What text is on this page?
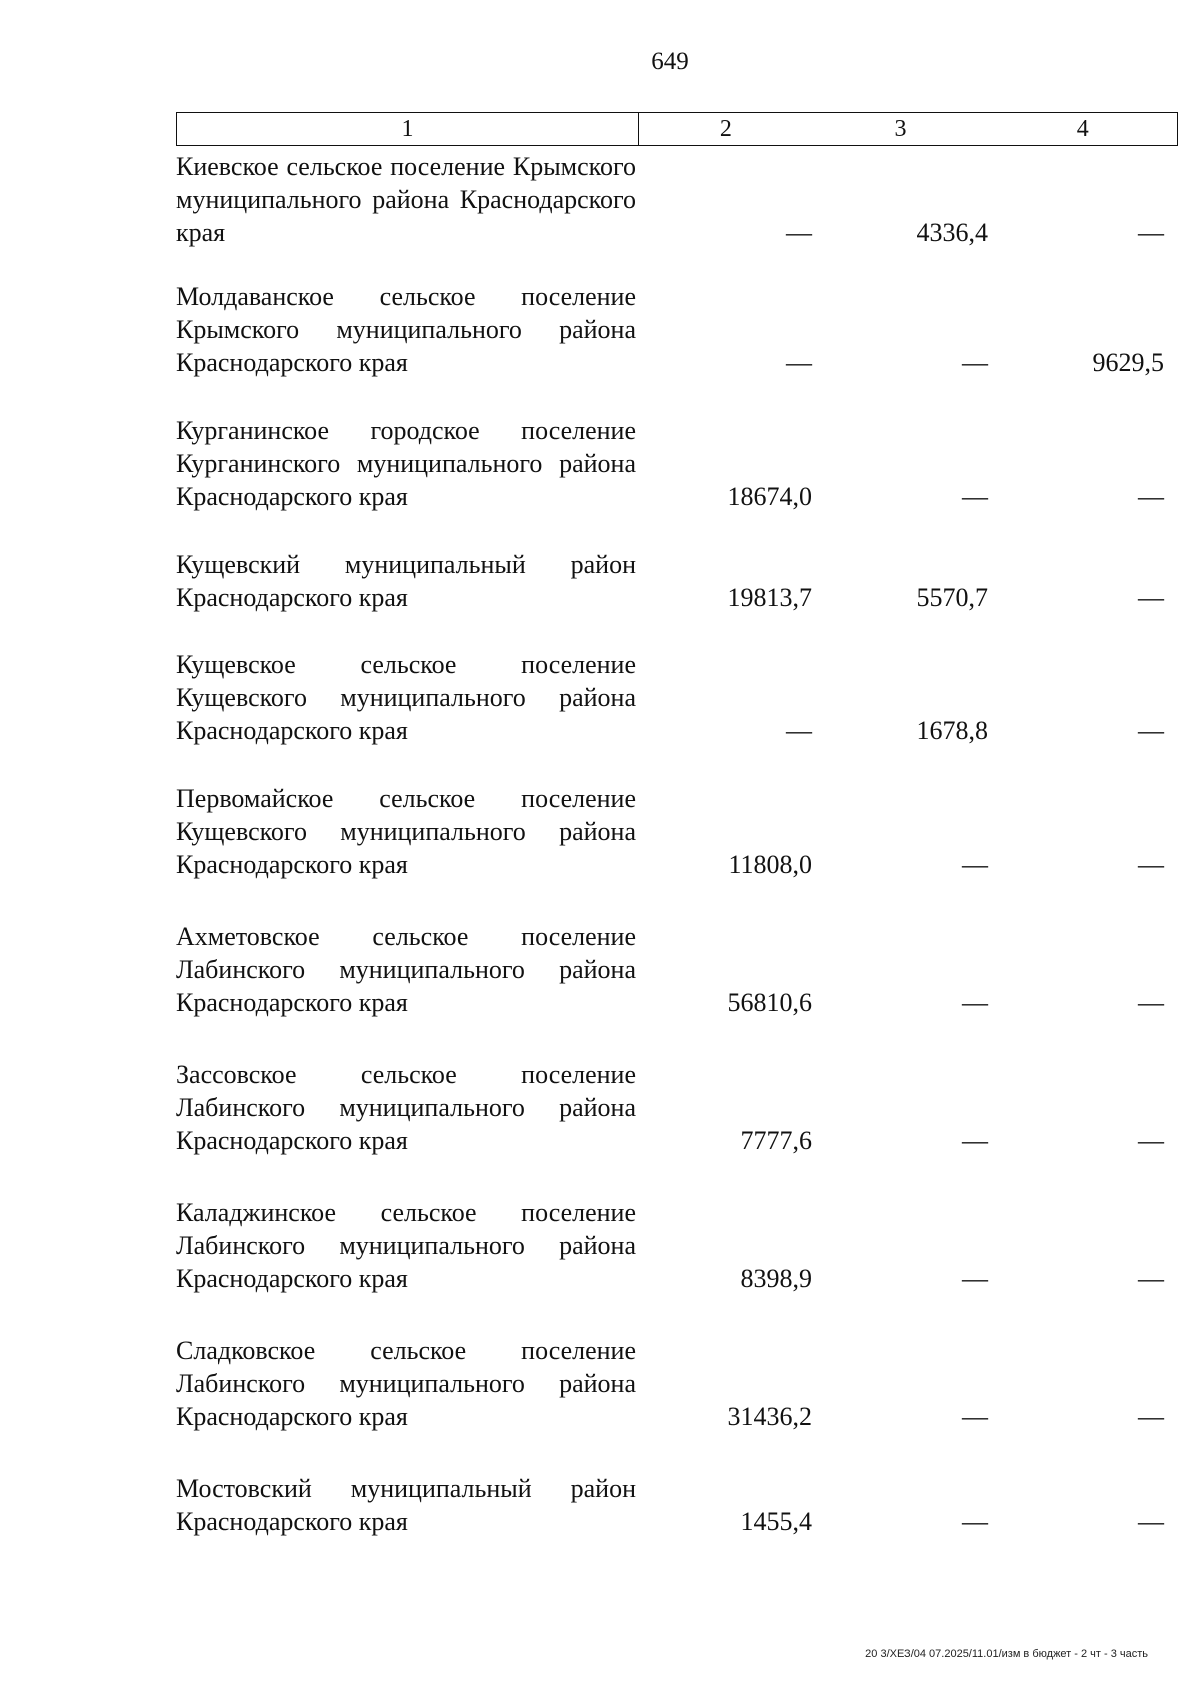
649
1	2	3	4
Киевское сельское поселение Крымского муниципального района Краснодарского края	—	4336,4	—
Молдаванское сельское поселение Крымского муниципального района Краснодарского края	—	—	9629,5
Курганинское городское поселение Курганинского муниципального района Краснодарского края	18674,0	—	—
Кущевский муниципальный район Краснодарского края	19813,7	5570,7	—
Кущевское сельское поселение Кущевского муниципального района Краснодарского края	—	1678,8	—
Первомайское сельское поселение Кущевского муниципального района Краснодарского края	11808,0	—	—
Ахметовское сельское поселение Лабинского муниципального района Краснодарского края	56810,6	—	—
Зассовское сельское поселение Лабинского муниципального района Краснодарского края	7777,6	—	—
Каладжинское сельское поселение Лабинского муниципального района Краснодарского края	8398,9	—	—
Сладковское сельское поселение Лабинского муниципального района Краснодарского края	31436,2	—	—
Мостовский муниципальный район Краснодарского края	1455,4	—	—
20 3/ХЕЗ/04 07.2025/11.01/изм в бюджет - 2 чт - 3 часть
